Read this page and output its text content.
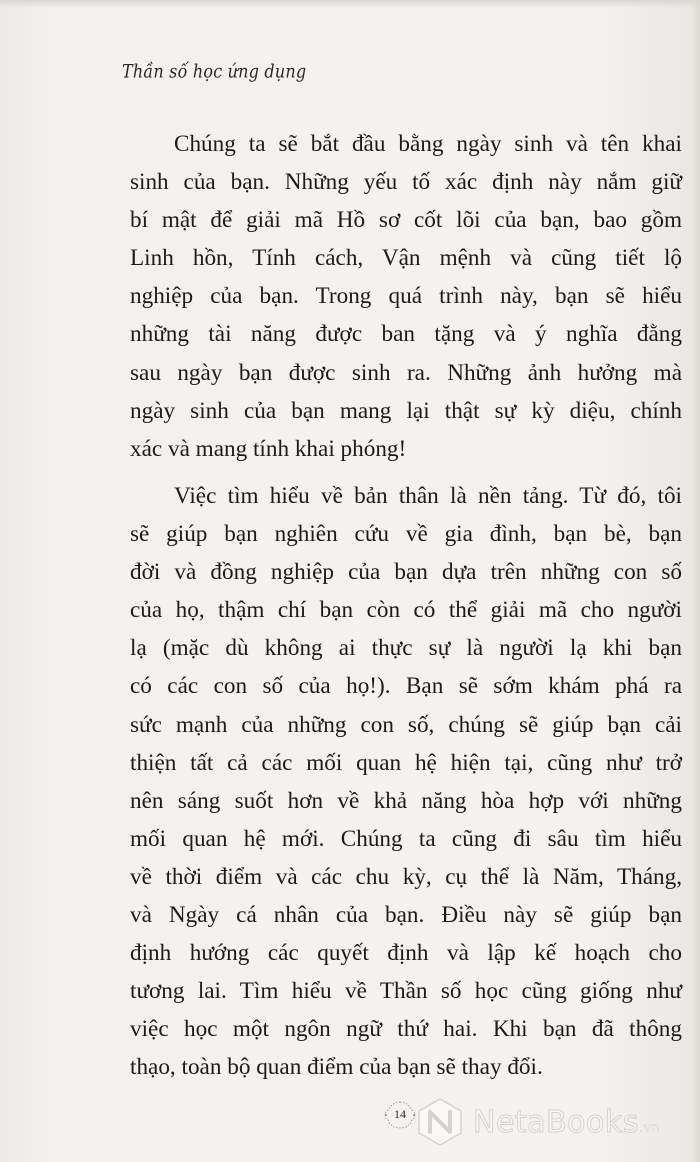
Thần số học ứng dụng

Chúng ta sẽ bắt đầu bằng ngày sinh và tên khai
sinh của bạn. Những yếu tố xác định này nắm giữ
bí mật để giải mã Hồ sơ cốt lõi của bạn, bao gồm
Linh hồn, Tính cách, Vận mệnh và cũng tiết lộ
nghiệp của bạn. Trong quá trình này, bạn sẽ hiểu
những tài năng được ban tặng và ý nghĩa đằng
sau ngày bạn được sinh ra. Những ảnh hưởng mà
ngày sinh của bạn mang lại thật sự kỳ diệu, chính
xác và mang tính khai phóng!

Việc tìm hiểu về bản thân là nền tảng. Từ đó, tôi
sẽ giúp bạn nghiên cứu về gia đình, bạn bè, bạn
đời và đồng nghiệp của bạn dựa trên những con số
của họ, thậm chí bạn còn có thể giải mã cho người
lạ (mặc dù không ai thực sự là người lạ khi bạn
có các con số của họ!). Bạn sẽ sớm khám phá ra
sức mạnh của những con số, chúng sẽ giúp bạn cải
thiện tất cả các mối quan hệ hiện tại, cũng như trở
nên sáng suốt hơn về khả năng hòa hợp với những
mối quan hệ mới. Chúng ta cũng đi sâu tìm hiểu
về thời điểm và các chu kỳ, cụ thể là Năm, Tháng,
và Ngày cá nhân của bạn. Điều này sẽ giúp bạn
định hướng các quyết định và lập kế hoạch cho
tương lai. Tìm hiểu về Thần số học cũng giống như
việc học một ngôn ngữ thứ hai. Khi bạn đã thông
thạo, toàn bộ quan điểm của bạn sẽ thay đổi.

14	NetaBooks.vn
